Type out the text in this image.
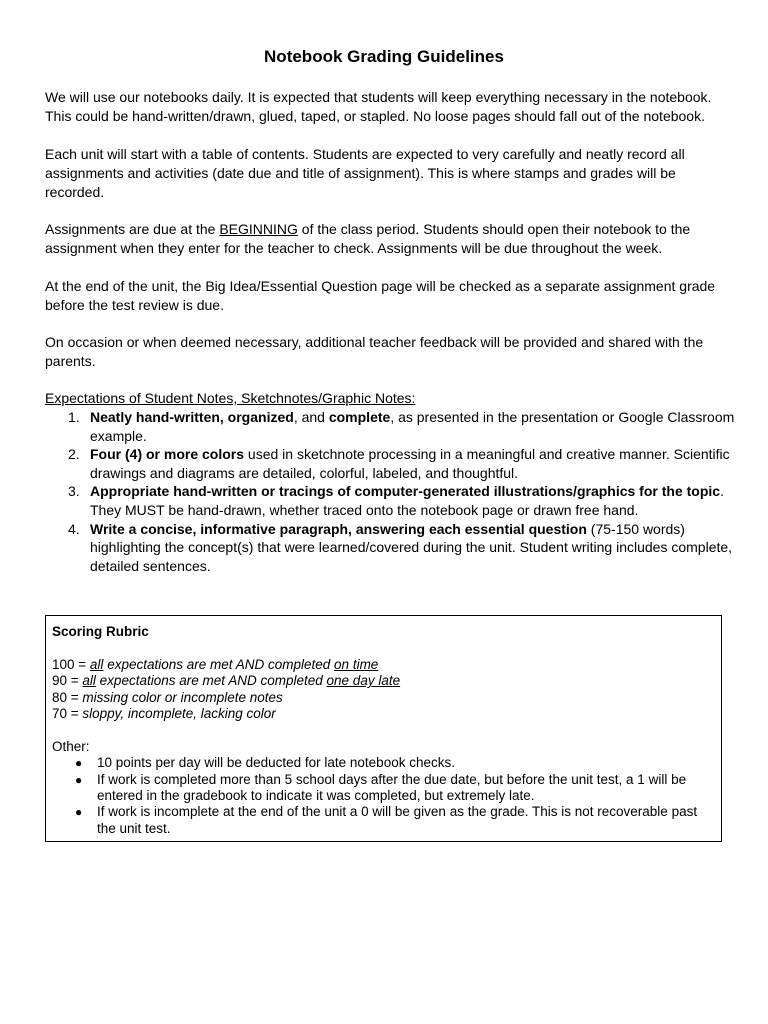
Notebook Grading Guidelines

We will use our notebooks daily. It is expected that students will keep everything necessary in the notebook. This could be hand-written/drawn, glued, taped, or stapled. No loose pages should fall out of the notebook.

Each unit will start with a table of contents. Students are expected to very carefully and neatly record all assignments and activities (date due and title of assignment). This is where stamps and grades will be recorded.

Assignments are due at the BEGINNING of the class period. Students should open their notebook to the assignment when they enter for the teacher to check. Assignments will be due throughout the week.

At the end of the unit, the Big Idea/Essential Question page will be checked as a separate assignment grade before the test review is due.

On occasion or when deemed necessary, additional teacher feedback will be provided and shared with the parents.

Expectations of Student Notes, Sketchnotes/Graphic Notes:

1. Neatly hand-written, organized, and complete, as presented in the presentation or Google Classroom example.
2. Four (4) or more colors used in sketchnote processing in a meaningful and creative manner. Scientific drawings and diagrams are detailed, colorful, labeled, and thoughtful.
3. Appropriate hand-written or tracings of computer-generated illustrations/graphics for the topic. They MUST be hand-drawn, whether traced onto the notebook page or drawn free hand.
4. Write a concise, informative paragraph, answering each essential question (75-150 words) highlighting the concept(s) that were learned/covered during the unit. Student writing includes complete, detailed sentences.

Scoring Rubric

100 = all expectations are met AND completed on time

90 = all expectations are met AND completed one day late

80 = missing color or incomplete notes

70 = sloppy, incomplete, lacking color

Other:

● 10 points per day will be deducted for late notebook checks.
● If work is completed more than 5 school days after the due date, but before the unit test, a 1 will be entered in the gradebook to indicate it was completed, but extremely late.
● If work is incomplete at the end of the unit a 0 will be given as the grade. This is not recoverable past the unit test.
